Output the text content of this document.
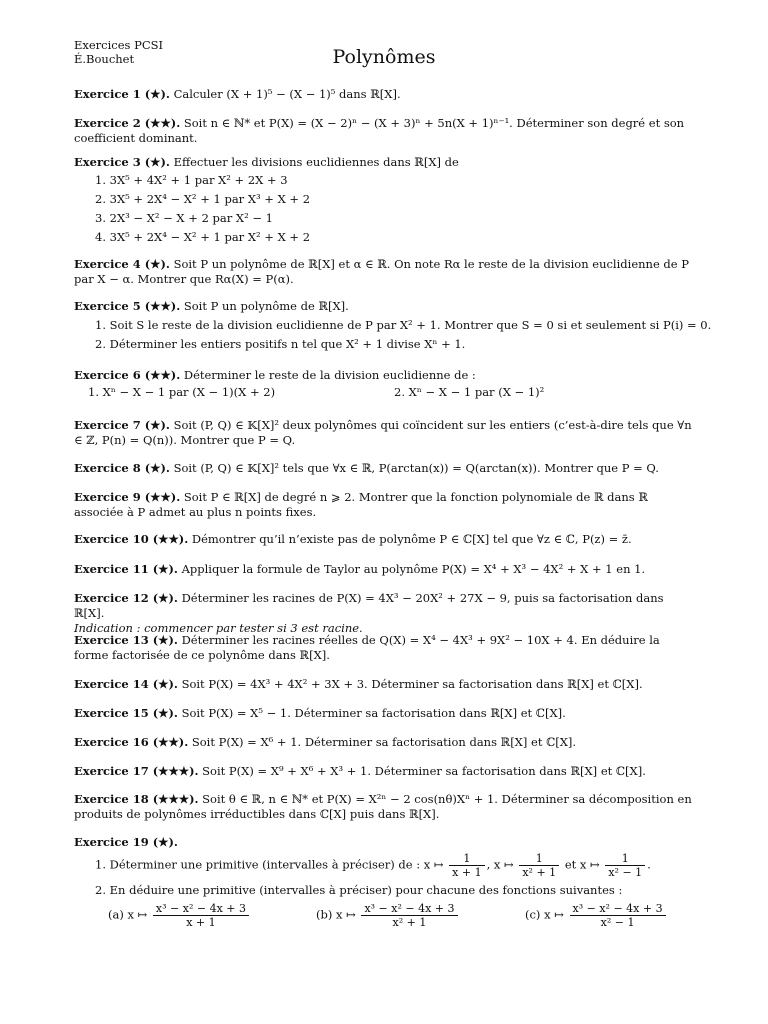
Exercices PCSI
É.Bouchet	Polynômes
Exercice 1 (★). Calculer (X + 1)⁵ − (X − 1)⁵ dans ℝ[X].
Exercice 2 (★★). Soit n ∈ ℕ* et P(X) = (X − 2)ⁿ − (X + 3)ⁿ + 5n(X + 1)ⁿ⁻¹. Déterminer son degré et son coefficient dominant.
Exercice 3 (★). Effectuer les divisions euclidiennes dans ℝ[X] de
1. 3X⁵ + 4X² + 1 par X² + 2X + 3
2. 3X⁵ + 2X⁴ − X² + 1 par X³ + X + 2
3. 2X³ − X² − X + 2 par X² − 1
4. 3X⁵ + 2X⁴ − X² + 1 par X² + X + 2
Exercice 4 (★). Soit P un polynôme de ℝ[X] et α ∈ ℝ. On note Rα le reste de la division euclidienne de P par X − α. Montrer que Rα(X) = P(α).
Exercice 5 (★★). Soit P un polynôme de ℝ[X].
1. Soit S le reste de la division euclidienne de P par X² + 1. Montrer que S = 0 si et seulement si P(i) = 0.
2. Déterminer les entiers positifs n tel que X² + 1 divise Xⁿ + 1.
Exercice 6 (★★). Déterminer le reste de la division euclidienne de :
1. Xⁿ − X − 1 par (X − 1)(X + 2)	2. Xⁿ − X − 1 par (X − 1)²
Exercice 7 (★). Soit (P, Q) ∈ 𝕂[X]² deux polynômes qui coïncident sur les entiers (c’est-à-dire tels que ∀n ∈ ℤ, P(n) = Q(n)). Montrer que P = Q.
Exercice 8 (★). Soit (P, Q) ∈ 𝕂[X]² tels que ∀x ∈ ℝ, P(arctan(x)) = Q(arctan(x)). Montrer que P = Q.
Exercice 9 (★★). Soit P ∈ ℝ[X] de degré n ⩾ 2. Montrer que la fonction polynomiale de ℝ dans ℝ associée à P admet au plus n points fixes.
Exercice 10 (★★). Démontrer qu’il n’existe pas de polynôme P ∈ ℂ[X] tel que ∀z ∈ ℂ, P(z) = z̄.
Exercice 11 (★). Appliquer la formule de Taylor au polynôme P(X) = X⁴ + X³ − 4X² + X + 1 en 1.
Exercice 12 (★). Déterminer les racines de P(X) = 4X³ − 20X² + 27X − 9, puis sa factorisation dans ℝ[X].
Indication : commencer par tester si 3 est racine.
Exercice 13 (★). Déterminer les racines réelles de Q(X) = X⁴ − 4X³ + 9X² − 10X + 4. En déduire la forme factorisée de ce polynôme dans ℝ[X].
Exercice 14 (★). Soit P(X) = 4X³ + 4X² + 3X + 3. Déterminer sa factorisation dans ℝ[X] et ℂ[X].
Exercice 15 (★). Soit P(X) = X⁵ − 1. Déterminer sa factorisation dans ℝ[X] et ℂ[X].
Exercice 16 (★★). Soit P(X) = X⁶ + 1. Déterminer sa factorisation dans ℝ[X] et ℂ[X].
Exercice 17 (★★★). Soit P(X) = X⁹ + X⁶ + X³ + 1. Déterminer sa factorisation dans ℝ[X] et ℂ[X].
Exercice 18 (★★★). Soit θ ∈ ℝ, n ∈ ℕ* et P(X) = X²ⁿ − 2 cos(nθ)Xⁿ + 1. Déterminer sa décomposition en produits de polynômes irréductibles dans ℂ[X] puis dans ℝ[X].
Exercice 19 (★).
1. Déterminer une primitive (intervalles à préciser) de : x ↦ $\frac{1}{x + 1}$ , x ↦ $\frac{1}{\text{x² + 1}}$ et x ↦ $\frac{1}{\text{x² − 1}}$ .
2. En déduire une primitive (intervalles à préciser) pour chacune des fonctions suivantes :
(a) x ↦ $\frac{\text{x³ − x² − 4x + 3}}{x + 1}$	(b) x ↦ $\frac{\text{x³ − x² − 4x + 3}}{\text{x² + 1}}$	(c) x ↦ $\frac{\text{x³ − x² − 4x + 3}}{\text{x² − 1}}$
